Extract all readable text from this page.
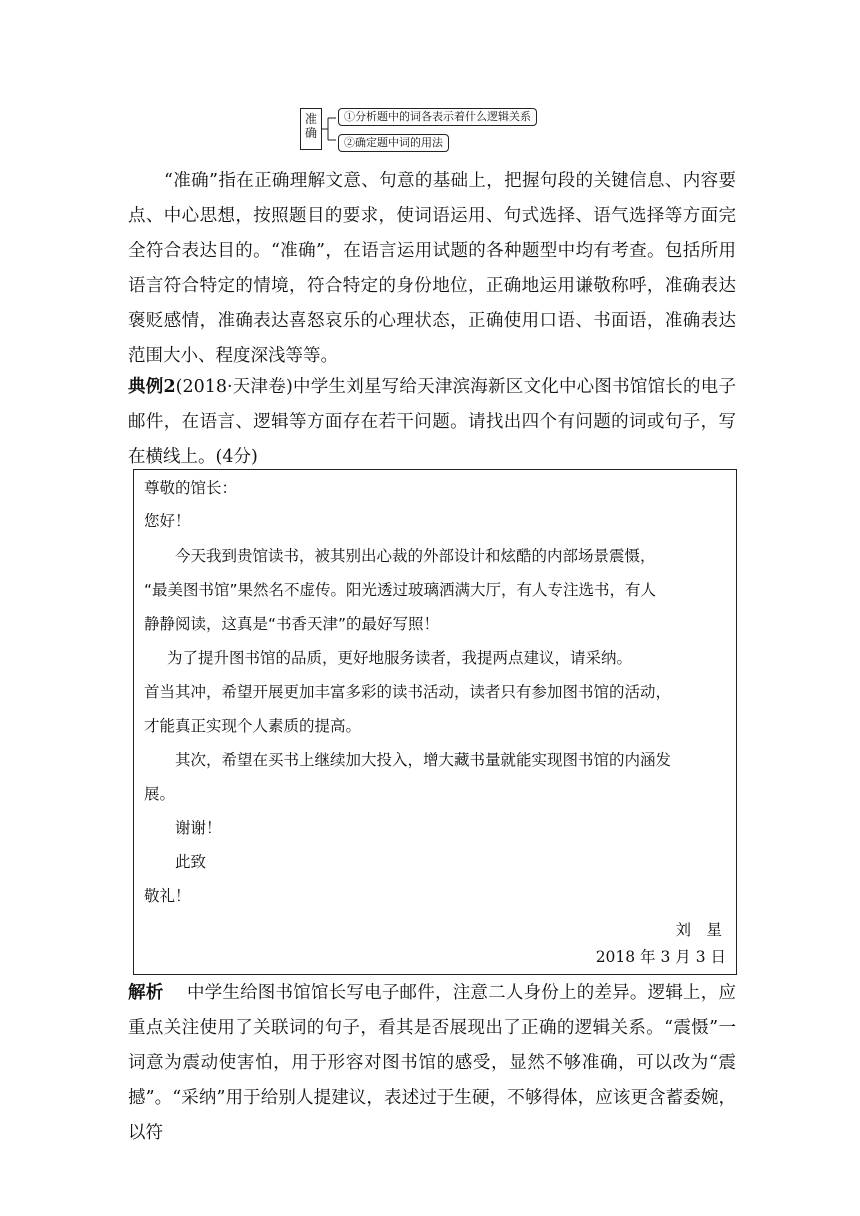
准确
①分析题中的词各表示着什么逻辑关系
②确定题中词的用法
“准确”指在正确理解文意、句意的基础上，把握句段的关键信息、内容要点、中心思想，按照题目的要求，使词语运用、句式选择、语气选择等方面完全符合表达目的。“准确”，在语言运用试题的各种题型中均有考查。包括所用语言符合特定的情境，符合特定的身份地位，正确地运用谦敬称呼，准确表达褒贬感情，准确表达喜怒哀乐的心理状态，正确使用口语、书面语，准确表达范围大小、程度深浅等等。
典例2(2018·天津卷)中学生刘星写给天津滨海新区文化中心图书馆馆长的电子邮件，在语言、逻辑等方面存在若干问题。请找出四个有问题的词或句子，写在横线上。(4分)
尊敬的馆长：
您好！
今天我到贵馆读书，被其别出心裁的外部设计和炫酷的内部场景震慑，
“最美图书馆”果然名不虚传。阳光透过玻璃洒满大厅，有人专注选书，有人
静静阅读，这真是“书香天津”的最好写照！
为了提升图书馆的品质，更好地服务读者，我提两点建议，请采纳。
首当其冲，希望开展更加丰富多彩的读书活动，读者只有参加图书馆的活动，
才能真正实现个人素质的提高。
其次，希望在买书上继续加大投入，增大藏书量就能实现图书馆的内涵发
展。
谢谢！
此致
敬礼！
刘　星
2018 年 3 月 3 日
解析　 中学生给图书馆馆长写电子邮件，注意二人身份上的差异。逻辑上，应重点关注使用了关联词的句子，看其是否展现出了正确的逻辑关系。“震慑”一词意为震动使害怕，用于形容对图书馆的感受，显然不够准确，可以改为“震撼”。“采纳”用于给别人提建议，表述过于生硬，不够得体，应该更含蓄委婉，以符
